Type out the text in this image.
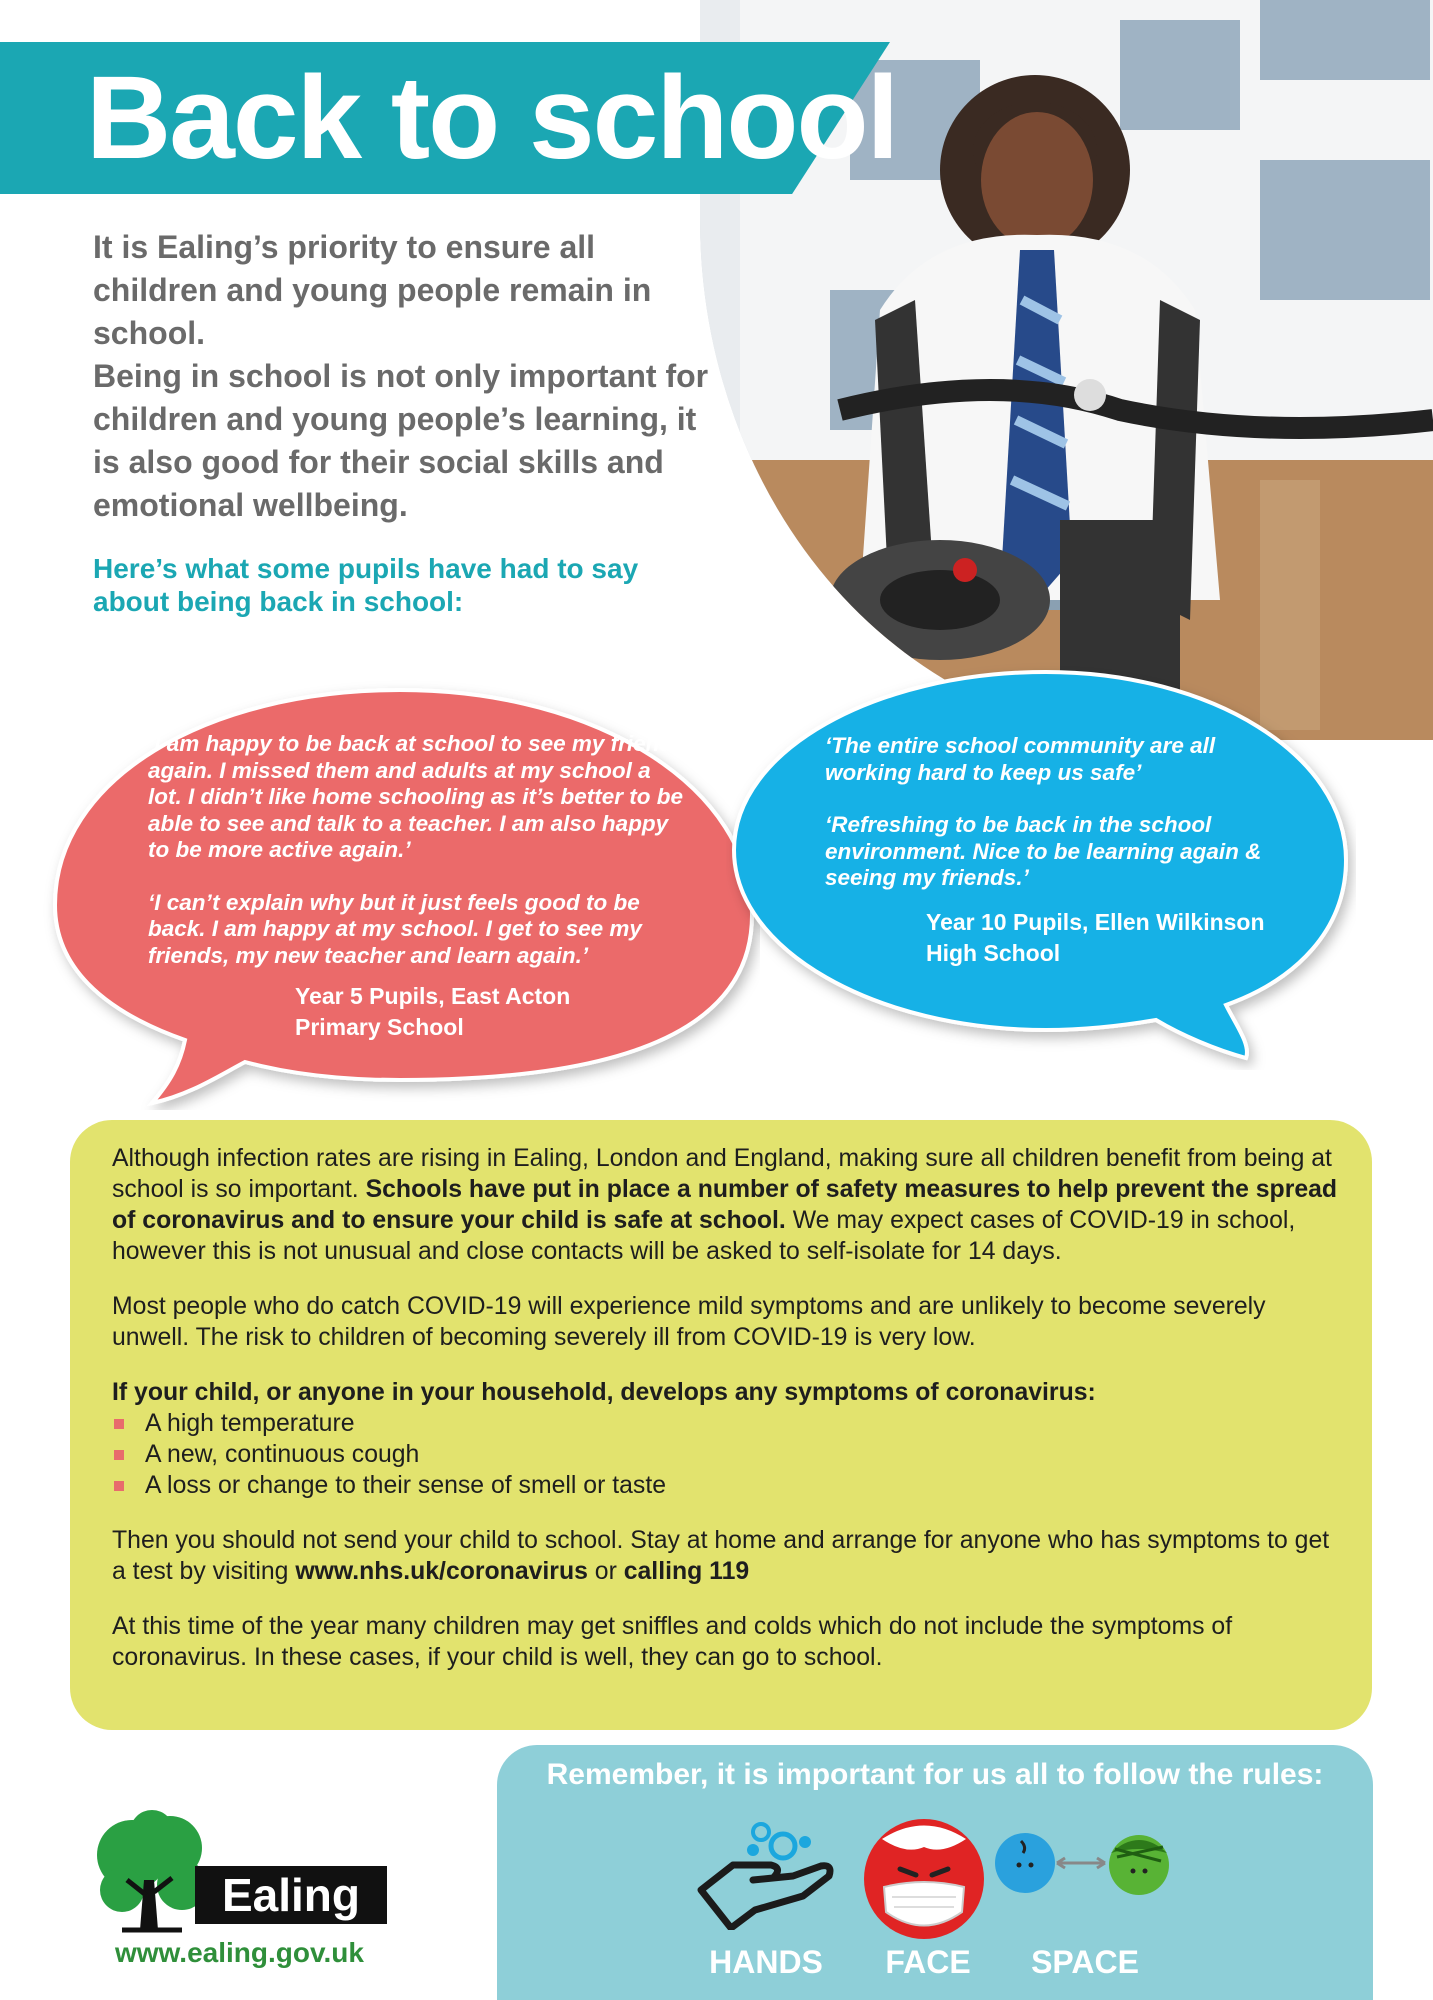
Back to school

It is Ealing’s priority to ensure all children and young people remain in school.

Being in school is not only important for children and young people’s learning, it is also good for their social skills and emotional wellbeing.

Here’s what some pupils have had to say about being back in school:

‘I am happy to be back at school to see my friends again. I missed them and adults at my school a lot. I didn’t like home schooling as it’s better to be able to see and talk to a teacher. I am also happy to be more active again.’

‘I can’t explain why but it just feels good to be back. I am happy at my school. I get to see my friends, my new teacher and learn again.’

Year 5 Pupils, East Acton Primary School

‘The entire school community are all working hard to keep us safe’

‘Refreshing to be back in the school environment. Nice to be learning again & seeing my friends.’

Year 10 Pupils, Ellen Wilkinson High School

Although infection rates are rising in Ealing, London and England, making sure all children benefit from being at school is so important. Schools have put in place a number of safety measures to help prevent the spread of coronavirus and to ensure your child is safe at school. We may expect cases of COVID-19 in school, however this is not unusual and close contacts will be asked to self-isolate for 14 days.

Most people who do catch COVID-19 will experience mild symptoms and are unlikely to become severely unwell. The risk to children of becoming severely ill from COVID-19 is very low.

If your child, or anyone in your household, develops any symptoms of coronavirus:
A high temperature
A new, continuous cough
A loss or change to their sense of smell or taste

Then you should not send your child to school. Stay at home and arrange for anyone who has symptoms to get a test by visiting www.nhs.uk/coronavirus or calling 119

At this time of the year many children may get sniffles and colds which do not include the symptoms of coronavirus. In these cases, if your child is well, they can go to school.

Ealing
www.ealing.gov.uk
Remember, it is important for us all to follow the rules:
HANDS	FACE	SPACE
